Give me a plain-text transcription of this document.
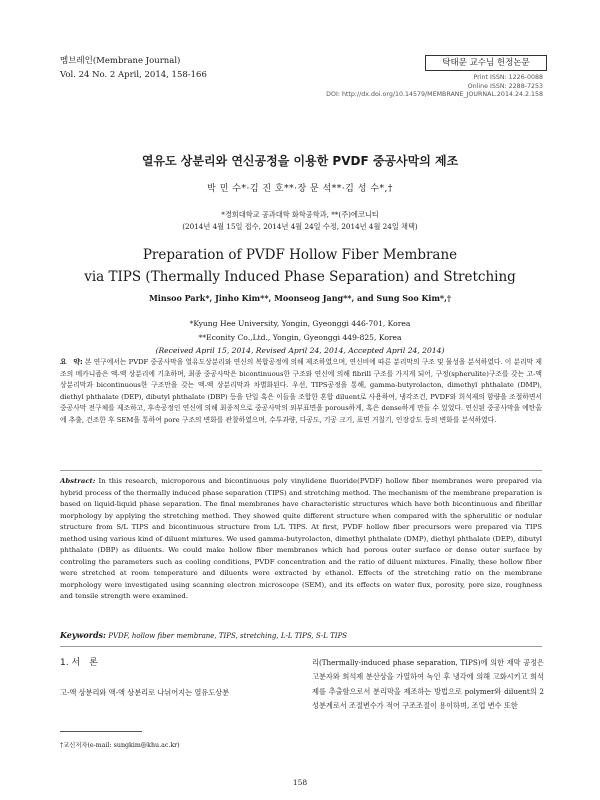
멤브레인(Membrane Journal)
Vol. 24 No. 2 April, 2014, 158-166
탁태문 교수님 헌정논문
Print ISSN: 1226-0088
Online ISSN: 2288-7253
DOI: http://dx.doi.org/10.14579/MEMBRANE_JOURNAL.2014.24.2.158
열유도 상분리와 연신공정을 이용한 PVDF 중공사막의 제조
박 민 수*·김 진 호**·장 문 석**·김 성 수*,†
*경희대학교 공과대학 화학공학과, **(주)에코니티
(2014년 4월 15일 접수, 2014년 4월 24일 수정, 2014년 4월 24일 채택)
Preparation of PVDF Hollow Fiber Membrane
via TIPS (Thermally Induced Phase Separation) and Stretching
Minsoo Park*, Jinho Kim**, Moonseog Jang**, and Sung Soo Kim*,†
*Kyung Hee University, Yongin, Gyeonggi 446-701, Korea
**Econity Co.,Ltd., Yongin, Gyeonggi 449-825, Korea
(Received April 15, 2014, Revised April 24, 2014, Accepted April 24, 2014)
요　약: 본 연구에서는 PVDF 중공사막을 열유도상분리와 연신의 복합공정에 의해 제조하였으며, 연신비에 따른 분리막의 구조 및 물성을 분석하였다. 이 분리막 제조의 메카니즘은 액-액 상분리에 기초하며, 최종 중공사막은 bicontinuous한 구조와 연신에 의해 fibrill 구조를 가지게 되어, 구정(spherulite)구조를 갖는 고-액 상분리막과 bicontinuous한 구조만을 갖는 액-액 상분리막과 차별화된다. 우선, TIPS공정을 통해, gamma-butyrolacton, dimethyl phthalate (DMP), diethyl phthalate (DEP), dibutyl phthalate (DBP) 등을 단일 혹은 이들을 조합한 혼합 diluent로 사용하여, 냉각조건, PVDF와 희석제의 함량을 조절하면서 중공사막 전구체를 제조하고, 후속공정인 연신에 의해 최종적으로 중공사막의 외부표면을 porous하게, 혹은 dense하게 만들 수 있었다. 연신된 중공사막을 에탄올에 추출, 건조한 후 SEM을 통하여 pore 구조의 변화를 관찰하였으며, 수투과량, 다공도, 기공 크기, 표면 거칠기, 인장강도 등의 변화를 분석하였다.
Abstract: In this research, microporous and bicontinuous poly vinylidene fluoride(PVDF) hollow fiber membranes were prepared via hybrid process of the thermally induced phase separation (TIPS) and stretching method. The mechanism of the membrane preparation is based on liquid-liquid phase separation. The final membranes have characteristic structures which have both bicontinuous and fibrillar morphology by applying the stretching method. They showed quite different structure when compared with the spherulitic or nodular structure from S/L TIPS and bicontinuous structure from L/L TIPS. At first, PVDF hollow fiber precursors were prepared via TIPS method using various kind of diluent mixtures. We used gamma-butyrolacton, dimethyl phthalate (DMP), diethyl phthalate (DEP), dibutyl phthalate (DBP) as diluents. We could make hollow fiber membranes which had porous outer surface or dense outer surface by controling the parameters such as cooling conditions, PVDF concentration and the ratio of diluent mixtures. Finally, these hollow fiber were stretched at room temperature and diluents were extracted by ethanol. Effects of the stretching ratio on the membrane morphology were investigated using scanning electron microscope (SEM), and its effects on water flux, porosity, pore size, roughness and tensile strength were examined.
Keywords: PVDF, hollow fiber membrane, TIPS, stretching, L-L TIPS, S-L TIPS
1. 서　론
고-액 상분리와 액-액 상분리로 나뉘어지는 열유도상분
리(Thermally-induced phase separation, TIPS)에 의한 제막 공정은 고분자와 희석제 분산상을 가열하여 녹인 후 냉각에 의해 고화시키고 희석제를 추출함으로서 분리막을 제조하는 방법으로 polymer와 diluent의 2성분계로서 조절변수가 적어 구조조절이 용이하며, 조업 변수 또한
†교신저자(e-mail: sungkim@khu.ac.kr)
158
